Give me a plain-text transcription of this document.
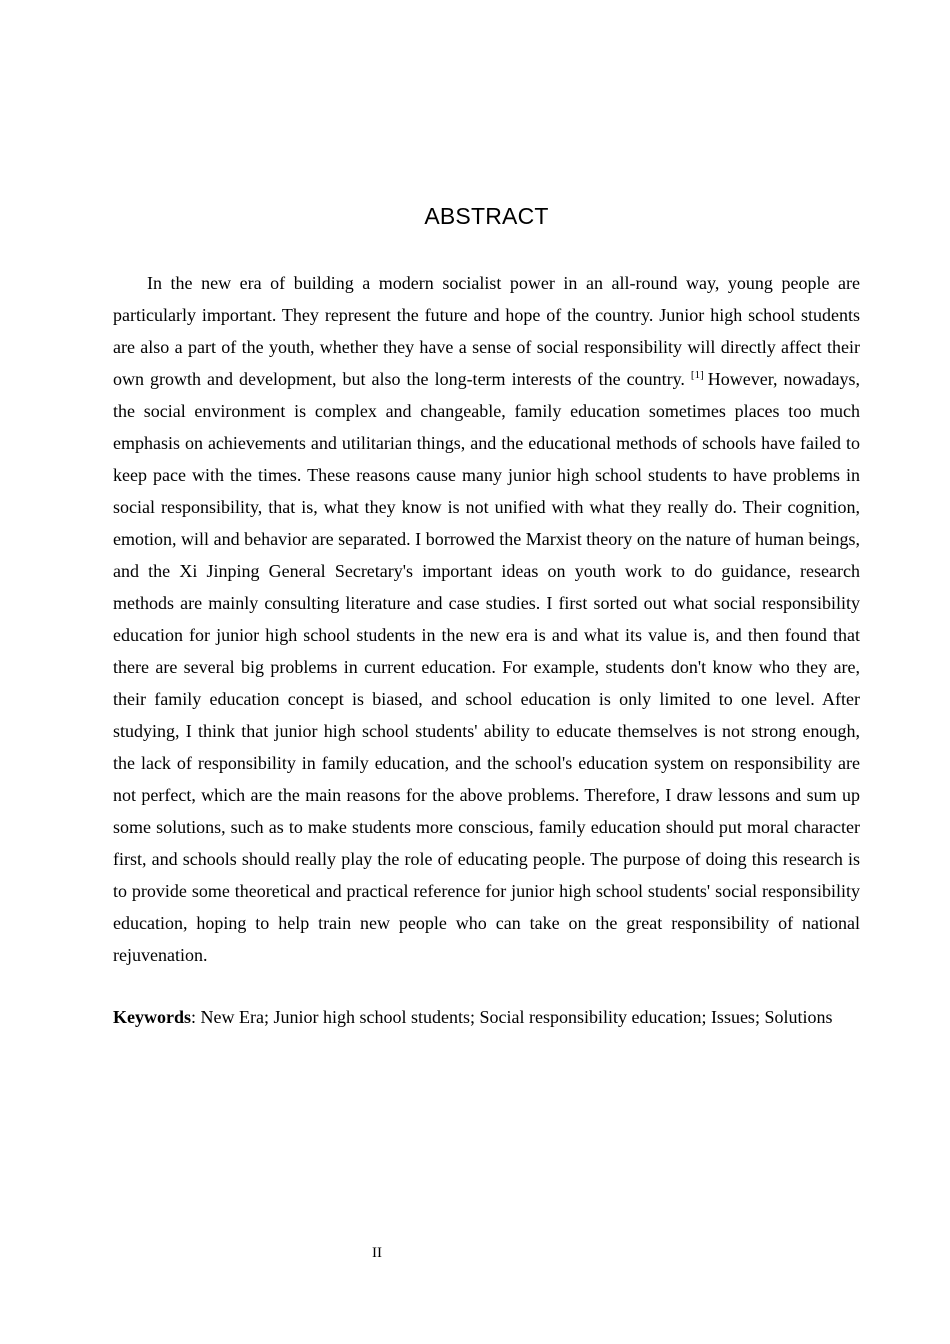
ABSTRACT

In the new era of building a modern socialist power in an all-round way, young people are particularly important. They represent the future and hope of the country. Junior high school students are also a part of the youth, whether they have a sense of social responsibility will directly affect their own growth and development, but also the long-term interests of the country. [1] However, nowadays, the social environment is complex and changeable, family education sometimes places too much emphasis on achievements and utilitarian things, and the educational methods of schools have failed to keep pace with the times. These reasons cause many junior high school students to have problems in social responsibility, that is, what they know is not unified with what they really do. Their cognition, emotion, will and behavior are separated. I borrowed the Marxist theory on the nature of human beings, and the Xi Jinping General Secretary's important ideas on youth work to do guidance, research methods are mainly consulting literature and case studies. I first sorted out what social responsibility education for junior high school students in the new era is and what its value is, and then found that there are several big problems in current education. For example, students don't know who they are, their family education concept is biased, and school education is only limited to one level. After studying, I think that junior high school students' ability to educate themselves is not strong enough, the lack of responsibility in family education, and the school's education system on responsibility are not perfect, which are the main reasons for the above problems. Therefore, I draw lessons and sum up some solutions, such as to make students more conscious, family education should put moral character first, and schools should really play the role of educating people. The purpose of doing this research is to provide some theoretical and practical reference for junior high school students' social responsibility education, hoping to help train new people who can take on the great responsibility of national rejuvenation.

Keywords: New Era; Junior high school students; Social responsibility education; Issues; Solutions

II
